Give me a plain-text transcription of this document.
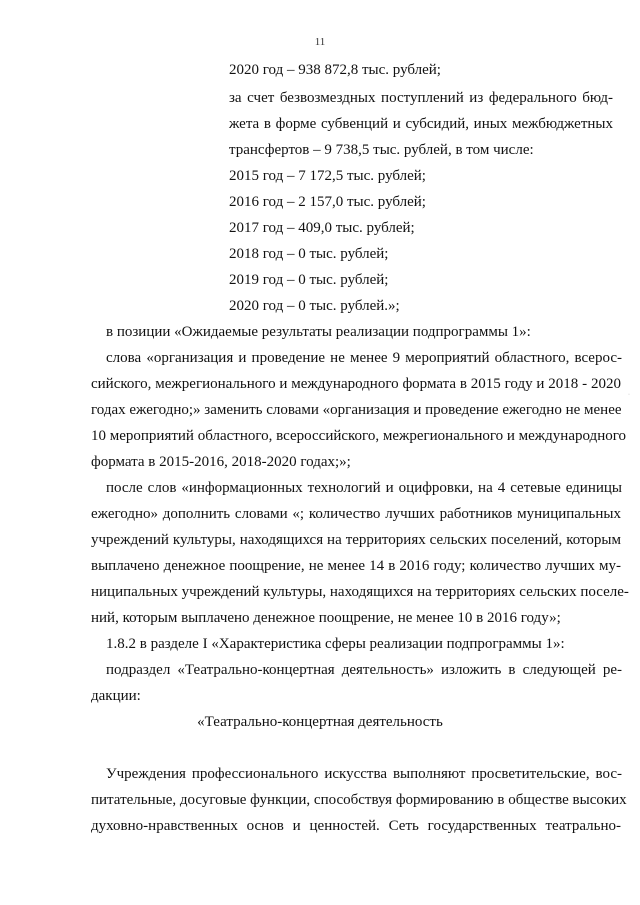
11
·
2020 год – 938 872,8 тыс. рублей;
за счет безвозмездных поступлений из федерального бюд-
жета в форме субвенций и субсидий, иных межбюджетных
трансфертов – 9 738,5 тыс. рублей, в том числе:
2015 год – 7 172,5 тыс. рублей;
2016 год – 2 157,0 тыс. рублей;
2017 год – 409,0 тыс. рублей;
2018 год – 0 тыс. рублей;
2019 год – 0 тыс. рублей;
2020 год – 0 тыс. рублей.»;
в позиции «Ожидаемые результаты реализации подпрограммы 1»:
слова «организация и проведение не менее 9 мероприятий областного, всерос-
сийского, межрегионального и международного формата в 2015 году и 2018 - 2020
годах ежегодно;» заменить словами «организация и проведение ежегодно не менее
10 мероприятий областного, всероссийского, межрегионального и международного
формата в 2015-2016, 2018-2020 годах;»;
после слов «информационных технологий и оцифровки, на 4 сетевые единицы
ежегодно» дополнить словами «; количество лучших работников муниципальных
учреждений культуры, находящихся на территориях сельских поселений, которым
выплачено денежное поощрение, не менее 14 в 2016 году; количество лучших му-
ниципальных учреждений культуры, находящихся на территориях сельских поселе-
ний, которым выплачено денежное поощрение, не менее 10 в 2016 году»;
1.8.2 в разделе I «Характеристика сферы реализации подпрограммы 1»:
подраздел «Театрально-концертная деятельность» изложить в следующей ре-
дакции:
«Театрально-концертная деятельность
Учреждения профессионального искусства выполняют просветительские, вос-
питательные, досуговые функции, способствуя формированию в обществе высоких
духовно-нравственных основ и ценностей. Сеть государственных театрально-
